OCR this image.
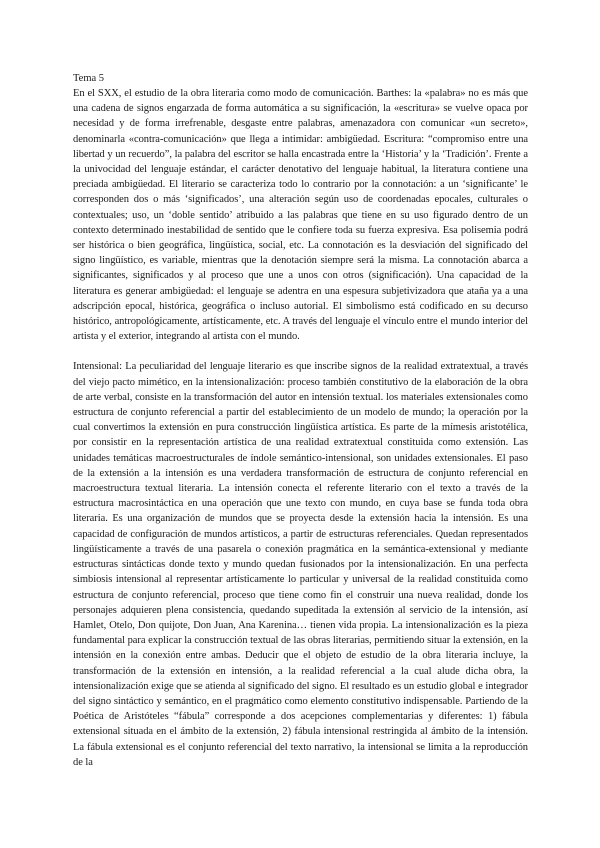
Tema 5

En el SXX, el estudio de la obra literaria como modo de comunicación. Barthes: la «palabra» no es más que una cadena de signos engarzada de forma automática a su significación, la «escritura» se vuelve opaca por necesidad y de forma irrefrenable, desgaste entre palabras, amenazadora con comunicar «un secreto», denominarla «contra-comunicación» que llega a intimidar: ambigüedad. Escritura: “compromiso entre una libertad y un recuerdo”, la palabra del escritor se halla encastrada entre la ‘Historia’ y la ‘Tradición’. Frente a la univocidad del lenguaje estándar, el carácter denotativo del lenguaje habitual, la literatura contiene una preciada ambigüedad. El literario se caracteriza todo lo contrario por la connotación: a un ‘significante’ le corresponden dos o más ‘significados’, una alteración según uso de coordenadas epocales, culturales o contextuales; uso, un ‘doble sentido’ atribuido a las palabras que tiene en su uso figurado dentro de un contexto determinado inestabilidad de sentido que le confiere toda su fuerza expresiva. Esa polisemia podrá ser histórica o bien geográfica, lingüística, social, etc. La connotación es la desviación del significado del signo lingüístico, es variable, mientras que la denotación siempre será la misma. La connotación abarca a significantes, significados y al proceso que une a unos con otros (significación). Una capacidad de la literatura es generar ambigüedad: el lenguaje se adentra en una espesura subjetivizadora que ataña ya a una adscripción epocal, histórica, geográfica o incluso autorial. El simbolismo está codificado en su decurso histórico, antropológicamente, artísticamente, etc. A través del lenguaje el vínculo entre el mundo interior del artista y el exterior, integrando al artista con el mundo.

Intensional: La peculiaridad del lenguaje literario es que inscribe signos de la realidad extratextual, a través del viejo pacto mimético, en la intensionalización: proceso también constitutivo de la elaboración de la obra de arte verbal, consiste en la transformación del autor en intensión textual. los materiales extensionales como estructura de conjunto referencial a partir del establecimiento de un modelo de mundo; la operación por la cual convertimos la extensión en pura construcción lingüística artística. Es parte de la mímesis aristotélica, por consistir en la representación artística de una realidad extratextual constituida como extensión. Las unidades temáticas macroestructurales de índole semántico-intensional, son unidades extensionales. El paso de la extensión a la intensión es una verdadera transformación de estructura de conjunto referencial en macroestructura textual literaria. La intensión conecta el referente literario con el texto a través de la estructura macrosintáctica en una operación que une texto con mundo, en cuya base se funda toda obra literaria. Es una organización de mundos que se proyecta desde la extensión hacia la intensión. Es una capacidad de configuración de mundos artísticos, a partir de estructuras referenciales. Quedan representados lingüísticamente a través de una pasarela o conexión pragmática en la semántica-extensional y mediante estructuras sintácticas donde texto y mundo quedan fusionados por la intensionalización. En una perfecta simbiosis intensional al representar artísticamente lo particular y universal de la realidad constituida como estructura de conjunto referencial, proceso que tiene como fin el construir una nueva realidad, donde los personajes adquieren plena consistencia, quedando supeditada la extensión al servicio de la intensión, así Hamlet, Otelo, Don quijote, Don Juan, Ana Karenina… tienen vida propia. La intensionalización es la pieza fundamental para explicar la construcción textual de las obras literarias, permitiendo situar la extensión, en la intensión en la conexión entre ambas. Deducir que el objeto de estudio de la obra literaria incluye, la transformación de la extensión en intensión, a la realidad referencial a la cual alude dicha obra, la intensionalización exige que se atienda al significado del signo. El resultado es un estudio global e integrador del signo sintáctico y semántico, en el pragmático como elemento constitutivo indispensable. Partiendo de la Poética de Aristóteles “fábula” corresponde a dos acepciones complementarias y diferentes: 1) fábula extensional situada en el ámbito de la extensión, 2) fábula intensional restringida al ámbito de la intensión. La fábula extensional es el conjunto referencial del texto narrativo, la intensional se limita a la reproducción de la
